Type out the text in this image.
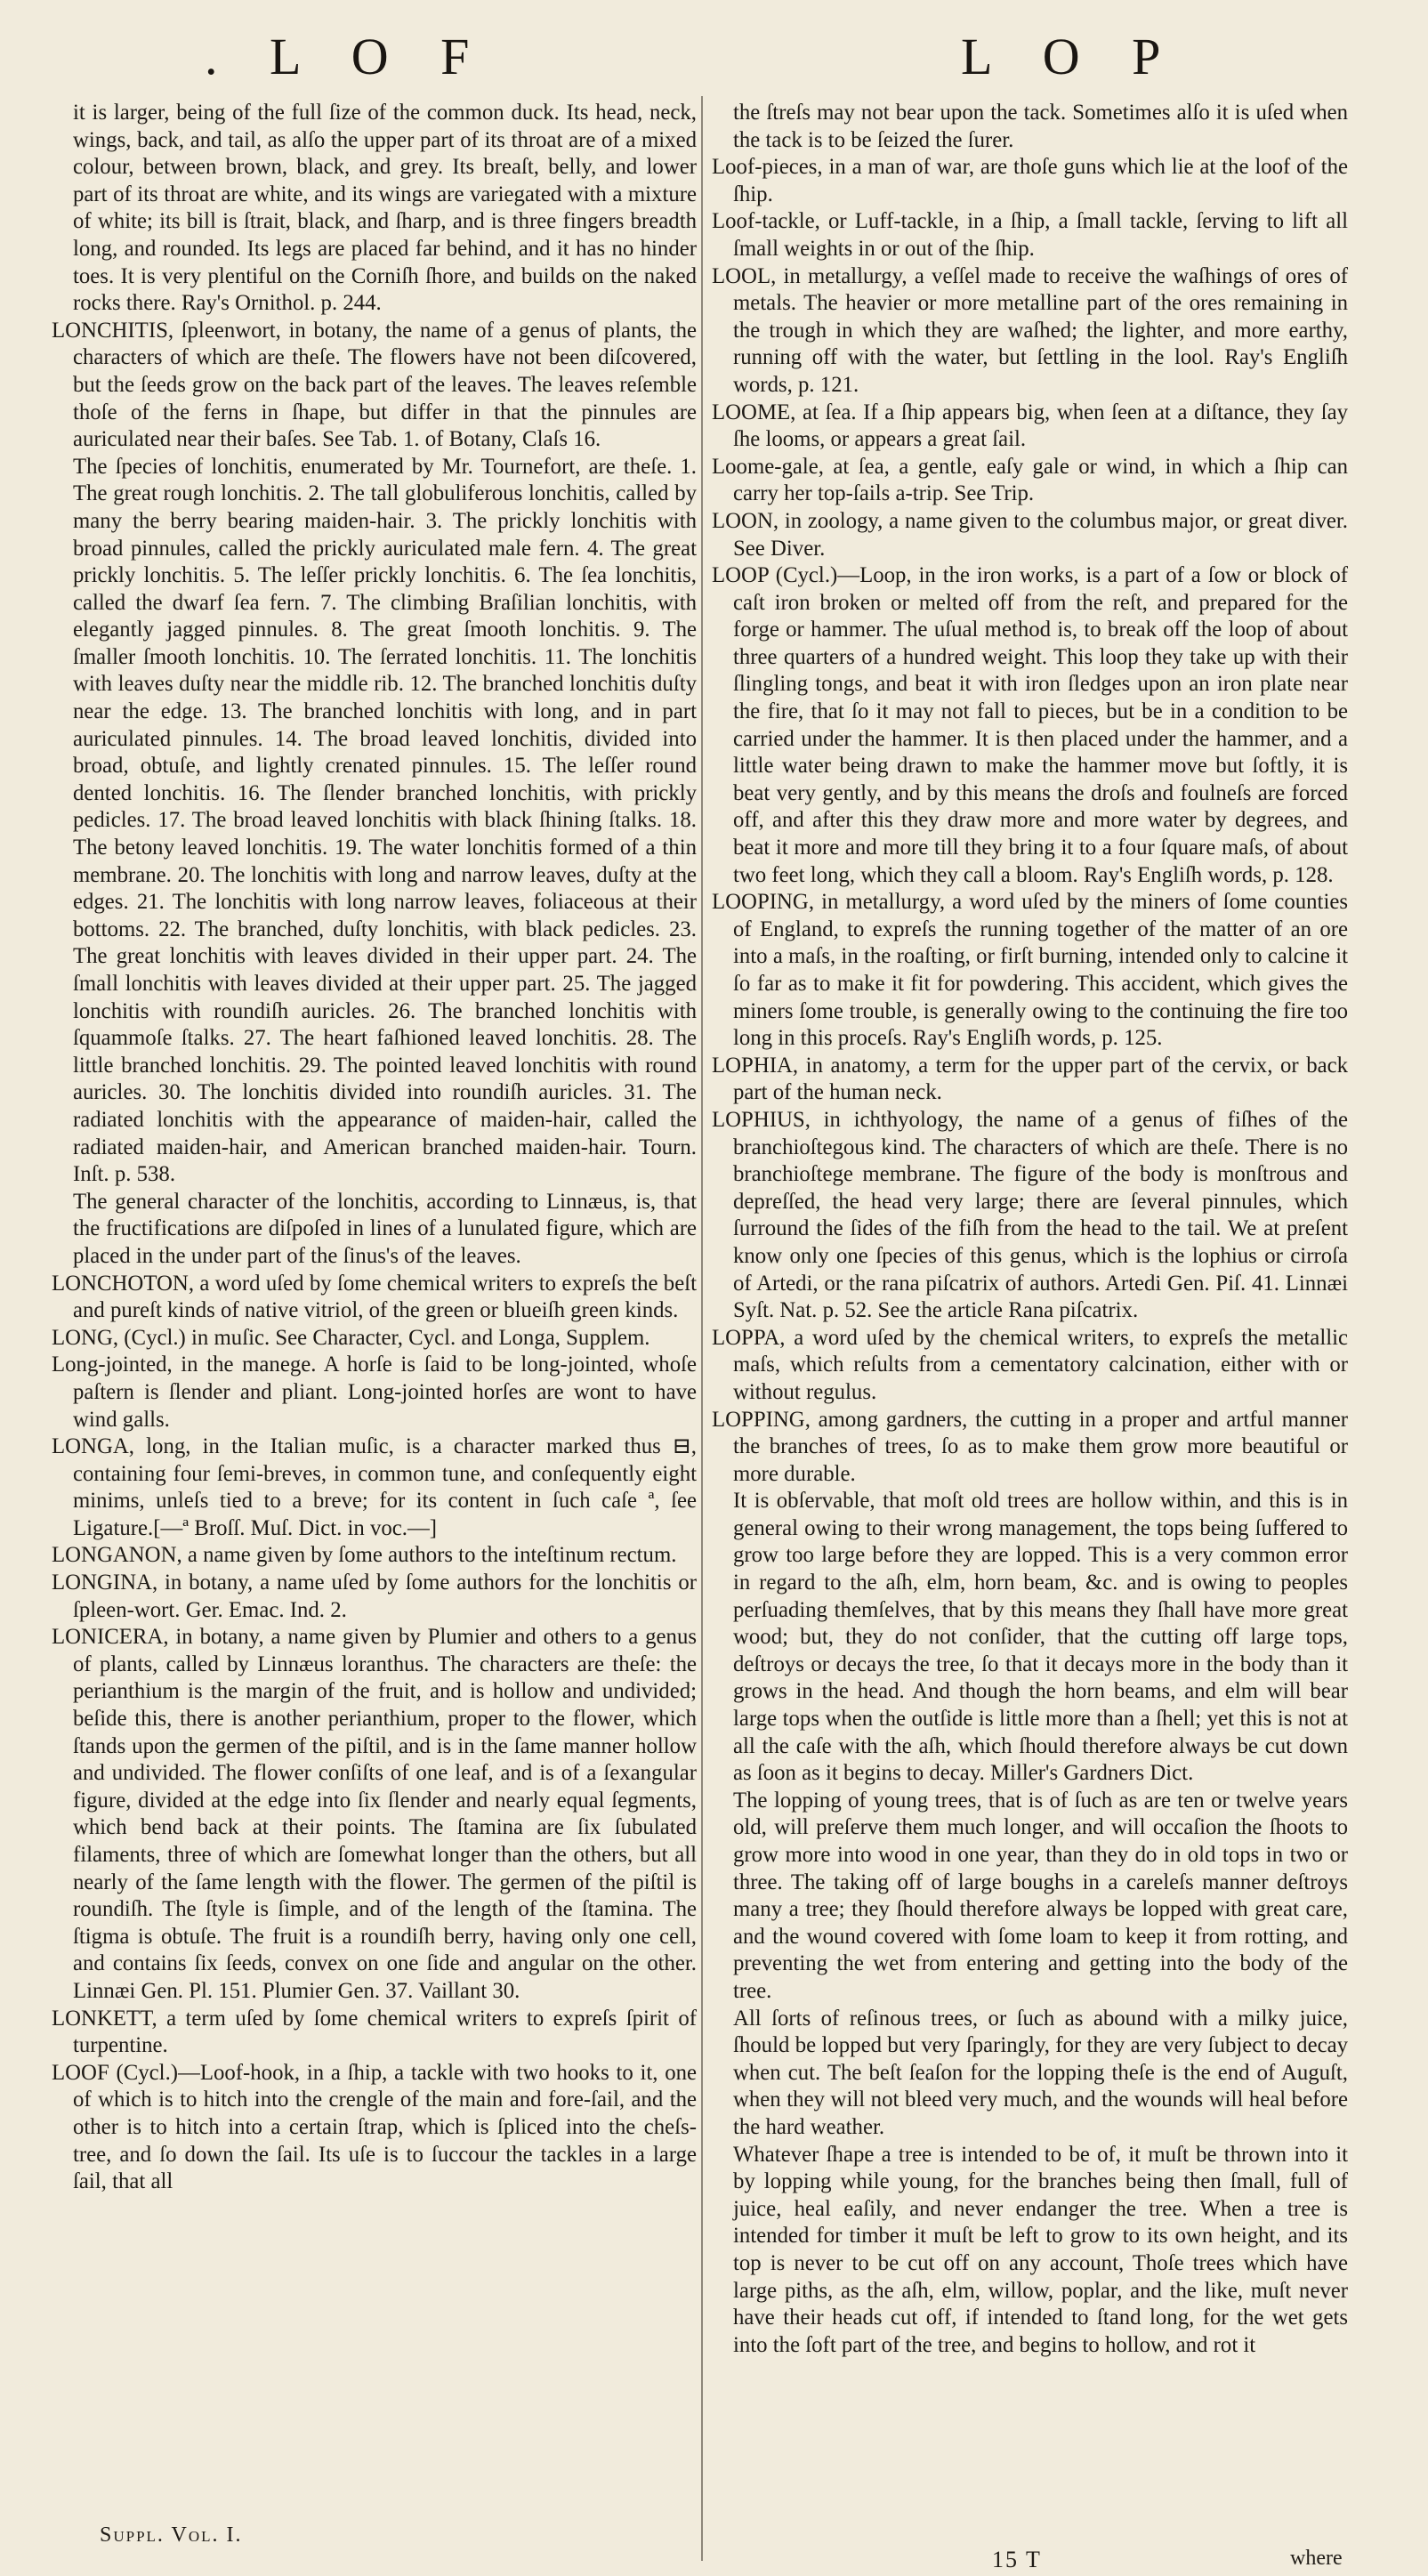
. L O F	L O P

it is larger, being of the full ſize of the common duck. Its head, neck, wings, back, and tail, as alſo the upper part of its throat are of a mixed colour, between brown, black, and grey. Its breaſt, belly, and lower part of its throat are white, and its wings are variegated with a mixture of white; its bill is ſtrait, black, and ſharp, and is three fingers breadth long, and rounded. Its legs are placed far behind, and it has no hinder toes. It is very plentiful on the Corniſh ſhore, and builds on the naked rocks there. Ray's Ornithol. p. 244.

LONCHITIS, ſpleenwort, in botany, the name of a genus of plants, the characters of which are theſe. The flowers have not been diſcovered, but the ſeeds grow on the back part of the leaves. The leaves reſemble thoſe of the ferns in ſhape, but differ in that the pinnules are auriculated near their baſes. See Tab. 1. of Botany, Claſs 16.

The ſpecies of lonchitis, enumerated by Mr. Tournefort, are theſe. 1. The great rough lonchitis. 2. The tall globuliferous lonchitis, called by many the berry bearing maiden-hair. 3. The prickly lonchitis with broad pinnules, called the prickly auriculated male fern. 4. The great prickly lonchitis. 5. The leſſer prickly lonchitis. 6. The ſea lonchitis, called the dwarf ſea fern. 7. The climbing Braſilian lonchitis, with elegantly jagged pinnules. 8. The great ſmooth lonchitis. 9. The ſmaller ſmooth lonchitis. 10. The ſerrated lonchitis. 11. The lonchitis with leaves duſty near the middle rib. 12. The branched lonchitis duſty near the edge. 13. The branched lonchitis with long, and in part auriculated pinnules. 14. The broad leaved lonchitis, divided into broad, obtuſe, and lightly crenated pinnules. 15. The leſſer round dented lonchitis. 16. The ſlender branched lonchitis, with prickly pedicles. 17. The broad leaved lonchitis with black ſhining ſtalks. 18. The betony leaved lonchitis. 19. The water lonchitis formed of a thin membrane. 20. The lonchitis with long and narrow leaves, duſty at the edges. 21. The lonchitis with long narrow leaves, foliaceous at their bottoms. 22. The branched, duſty lonchitis, with black pedicles. 23. The great lonchitis with leaves divided in their upper part. 24. The ſmall lonchitis with leaves divided at their upper part. 25. The jagged lonchitis with roundiſh auricles. 26. The branched lonchitis with ſquammoſe ſtalks. 27. The heart faſhioned leaved lonchitis. 28. The little branched lonchitis. 29. The pointed leaved lonchitis with round auricles. 30. The lonchitis divided into roundiſh auricles. 31. The radiated lonchitis with the appearance of maiden-hair, called the radiated maiden-hair, and American branched maiden-hair. Tourn. Inſt. p. 538.

The general character of the lonchitis, according to Linnæus, is, that the fructifications are diſpoſed in lines of a lunulated figure, which are placed in the under part of the ſinus's of the leaves.

LONCHOTON, a word uſed by ſome chemical writers to expreſs the beſt and pureſt kinds of native vitriol, of the green or blueiſh green kinds.

LONG, (Cycl.) in muſic. See Character, Cycl. and Longa, Supplem.

Long-jointed, in the manege. A horſe is ſaid to be long-jointed, whoſe paſtern is ſlender and pliant. Long-jointed horſes are wont to have wind galls.

LONGA, long, in the Italian muſic, is a character marked thus ⊟, containing four ſemi-breves, in common tune, and conſequently eight minims, unleſs tied to a breve; for its content in ſuch caſe ª, ſee Ligature.[—ª Broſſ. Muſ. Dict. in voc.—]

LONGANON, a name given by ſome authors to the inteſtinum rectum.

LONGINA, in botany, a name uſed by ſome authors for the lonchitis or ſpleen-wort. Ger. Emac. Ind. 2.

LONICERA, in botany, a name given by Plumier and others to a genus of plants, called by Linnæus loranthus. The characters are theſe: the perianthium is the margin of the fruit, and is hollow and undivided; beſide this, there is another perianthium, proper to the flower, which ſtands upon the germen of the piſtil, and is in the ſame manner hollow and undivided. The flower conſiſts of one leaf, and is of a ſexangular figure, divided at the edge into ſix ſlender and nearly equal ſegments, which bend back at their points. The ſtamina are ſix ſubulated filaments, three of which are ſomewhat longer than the others, but all nearly of the ſame length with the flower. The germen of the piſtil is roundiſh. The ſtyle is ſimple, and of the length of the ſtamina. The ſtigma is obtuſe. The fruit is a roundiſh berry, having only one cell, and contains ſix ſeeds, convex on one ſide and angular on the other. Linnæi Gen. Pl. 151. Plumier Gen. 37. Vaillant 30.

LONKETT, a term uſed by ſome chemical writers to expreſs ſpirit of turpentine.

LOOF (Cycl.)—Loof-hook, in a ſhip, a tackle with two hooks to it, one of which is to hitch into the crengle of the main and fore-ſail, and the other is to hitch into a certain ſtrap, which is ſpliced into the cheſs-tree, and ſo down the ſail. Its uſe is to ſuccour the tackles in a large ſail, that all

the ſtreſs may not bear upon the tack. Sometimes alſo it is uſed when the tack is to be ſeized the ſurer.

Loof-pieces, in a man of war, are thoſe guns which lie at the loof of the ſhip.

Loof-tackle, or Luff-tackle, in a ſhip, a ſmall tackle, ſerving to lift all ſmall weights in or out of the ſhip.

LOOL, in metallurgy, a veſſel made to receive the waſhings of ores of metals. The heavier or more metalline part of the ores remaining in the trough in which they are waſhed; the lighter, and more earthy, running off with the water, but ſettling in the lool. Ray's Engliſh words, p. 121.

LOOME, at ſea. If a ſhip appears big, when ſeen at a diſtance, they ſay ſhe looms, or appears a great ſail.

Loome-gale, at ſea, a gentle, eaſy gale or wind, in which a ſhip can carry her top-ſails a-trip. See Trip.

LOON, in zoology, a name given to the columbus major, or great diver. See Diver.

LOOP (Cycl.)—Loop, in the iron works, is a part of a ſow or block of caſt iron broken or melted off from the reſt, and prepared for the forge or hammer. The uſual method is, to break off the loop of about three quarters of a hundred weight. This loop they take up with their ſlingling tongs, and beat it with iron ſledges upon an iron plate near the fire, that ſo it may not fall to pieces, but be in a condition to be carried under the hammer. It is then placed under the hammer, and a little water being drawn to make the hammer move but ſoftly, it is beat very gently, and by this means the droſs and foulneſs are forced off, and after this they draw more and more water by degrees, and beat it more and more till they bring it to a four ſquare maſs, of about two feet long, which they call a bloom. Ray's Engliſh words, p. 128.

LOOPING, in metallurgy, a word uſed by the miners of ſome counties of England, to expreſs the running together of the matter of an ore into a maſs, in the roaſting, or firſt burning, intended only to calcine it ſo far as to make it fit for powdering. This accident, which gives the miners ſome trouble, is generally owing to the continuing the fire too long in this proceſs. Ray's Engliſh words, p. 125.

LOPHIA, in anatomy, a term for the upper part of the cervix, or back part of the human neck.

LOPHIUS, in ichthyology, the name of a genus of fiſhes of the branchioſtegous kind. The characters of which are theſe. There is no branchioſtege membrane. The figure of the body is monſtrous and depreſſed, the head very large; there are ſeveral pinnules, which ſurround the ſides of the fiſh from the head to the tail. We at preſent know only one ſpecies of this genus, which is the lophius or cirroſa of Artedi, or the rana piſcatrix of authors. Artedi Gen. Piſ. 41. Linnæi Syſt. Nat. p. 52. See the article Rana piſcatrix.

LOPPA, a word uſed by the chemical writers, to expreſs the metallic maſs, which reſults from a cementatory calcination, either with or without regulus.

LOPPING, among gardners, the cutting in a proper and artful manner the branches of trees, ſo as to make them grow more beautiful or more durable.

It is obſervable, that moſt old trees are hollow within, and this is in general owing to their wrong management, the tops being ſuffered to grow too large before they are lopped. This is a very common error in regard to the aſh, elm, horn beam, &c. and is owing to peoples perſuading themſelves, that by this means they ſhall have more great wood; but, they do not conſider, that the cutting off large tops, deſtroys or decays the tree, ſo that it decays more in the body than it grows in the head. And though the horn beams, and elm will bear large tops when the outſide is little more than a ſhell; yet this is not at all the caſe with the aſh, which ſhould therefore always be cut down as ſoon as it begins to decay. Miller's Gardners Dict.

The lopping of young trees, that is of ſuch as are ten or twelve years old, will preſerve them much longer, and will occaſion the ſhoots to grow more into wood in one year, than they do in old tops in two or three. The taking off of large boughs in a careleſs manner deſtroys many a tree; they ſhould therefore always be lopped with great care, and the wound covered with ſome loam to keep it from rotting, and preventing the wet from entering and getting into the body of the tree.

All ſorts of reſinous trees, or ſuch as abound with a milky juice, ſhould be lopped but very ſparingly, for they are very ſubject to decay when cut. The beſt ſeaſon for the lopping theſe is the end of Auguſt, when they will not bleed very much, and the wounds will heal before the hard weather.

Whatever ſhape a tree is intended to be of, it muſt be thrown into it by lopping while young, for the branches being then ſmall, full of juice, heal eaſily, and never endanger the tree. When a tree is intended for timber it muſt be left to grow to its own height, and its top is never to be cut off on any account, Thoſe trees which have large piths, as the aſh, elm, willow, poplar, and the like, muſt never have their heads cut off, if intended to ſtand long, for the wet gets into the ſoft part of the tree, and begins to hollow, and rot it

Suppl. Vol. I.
15 T	where
